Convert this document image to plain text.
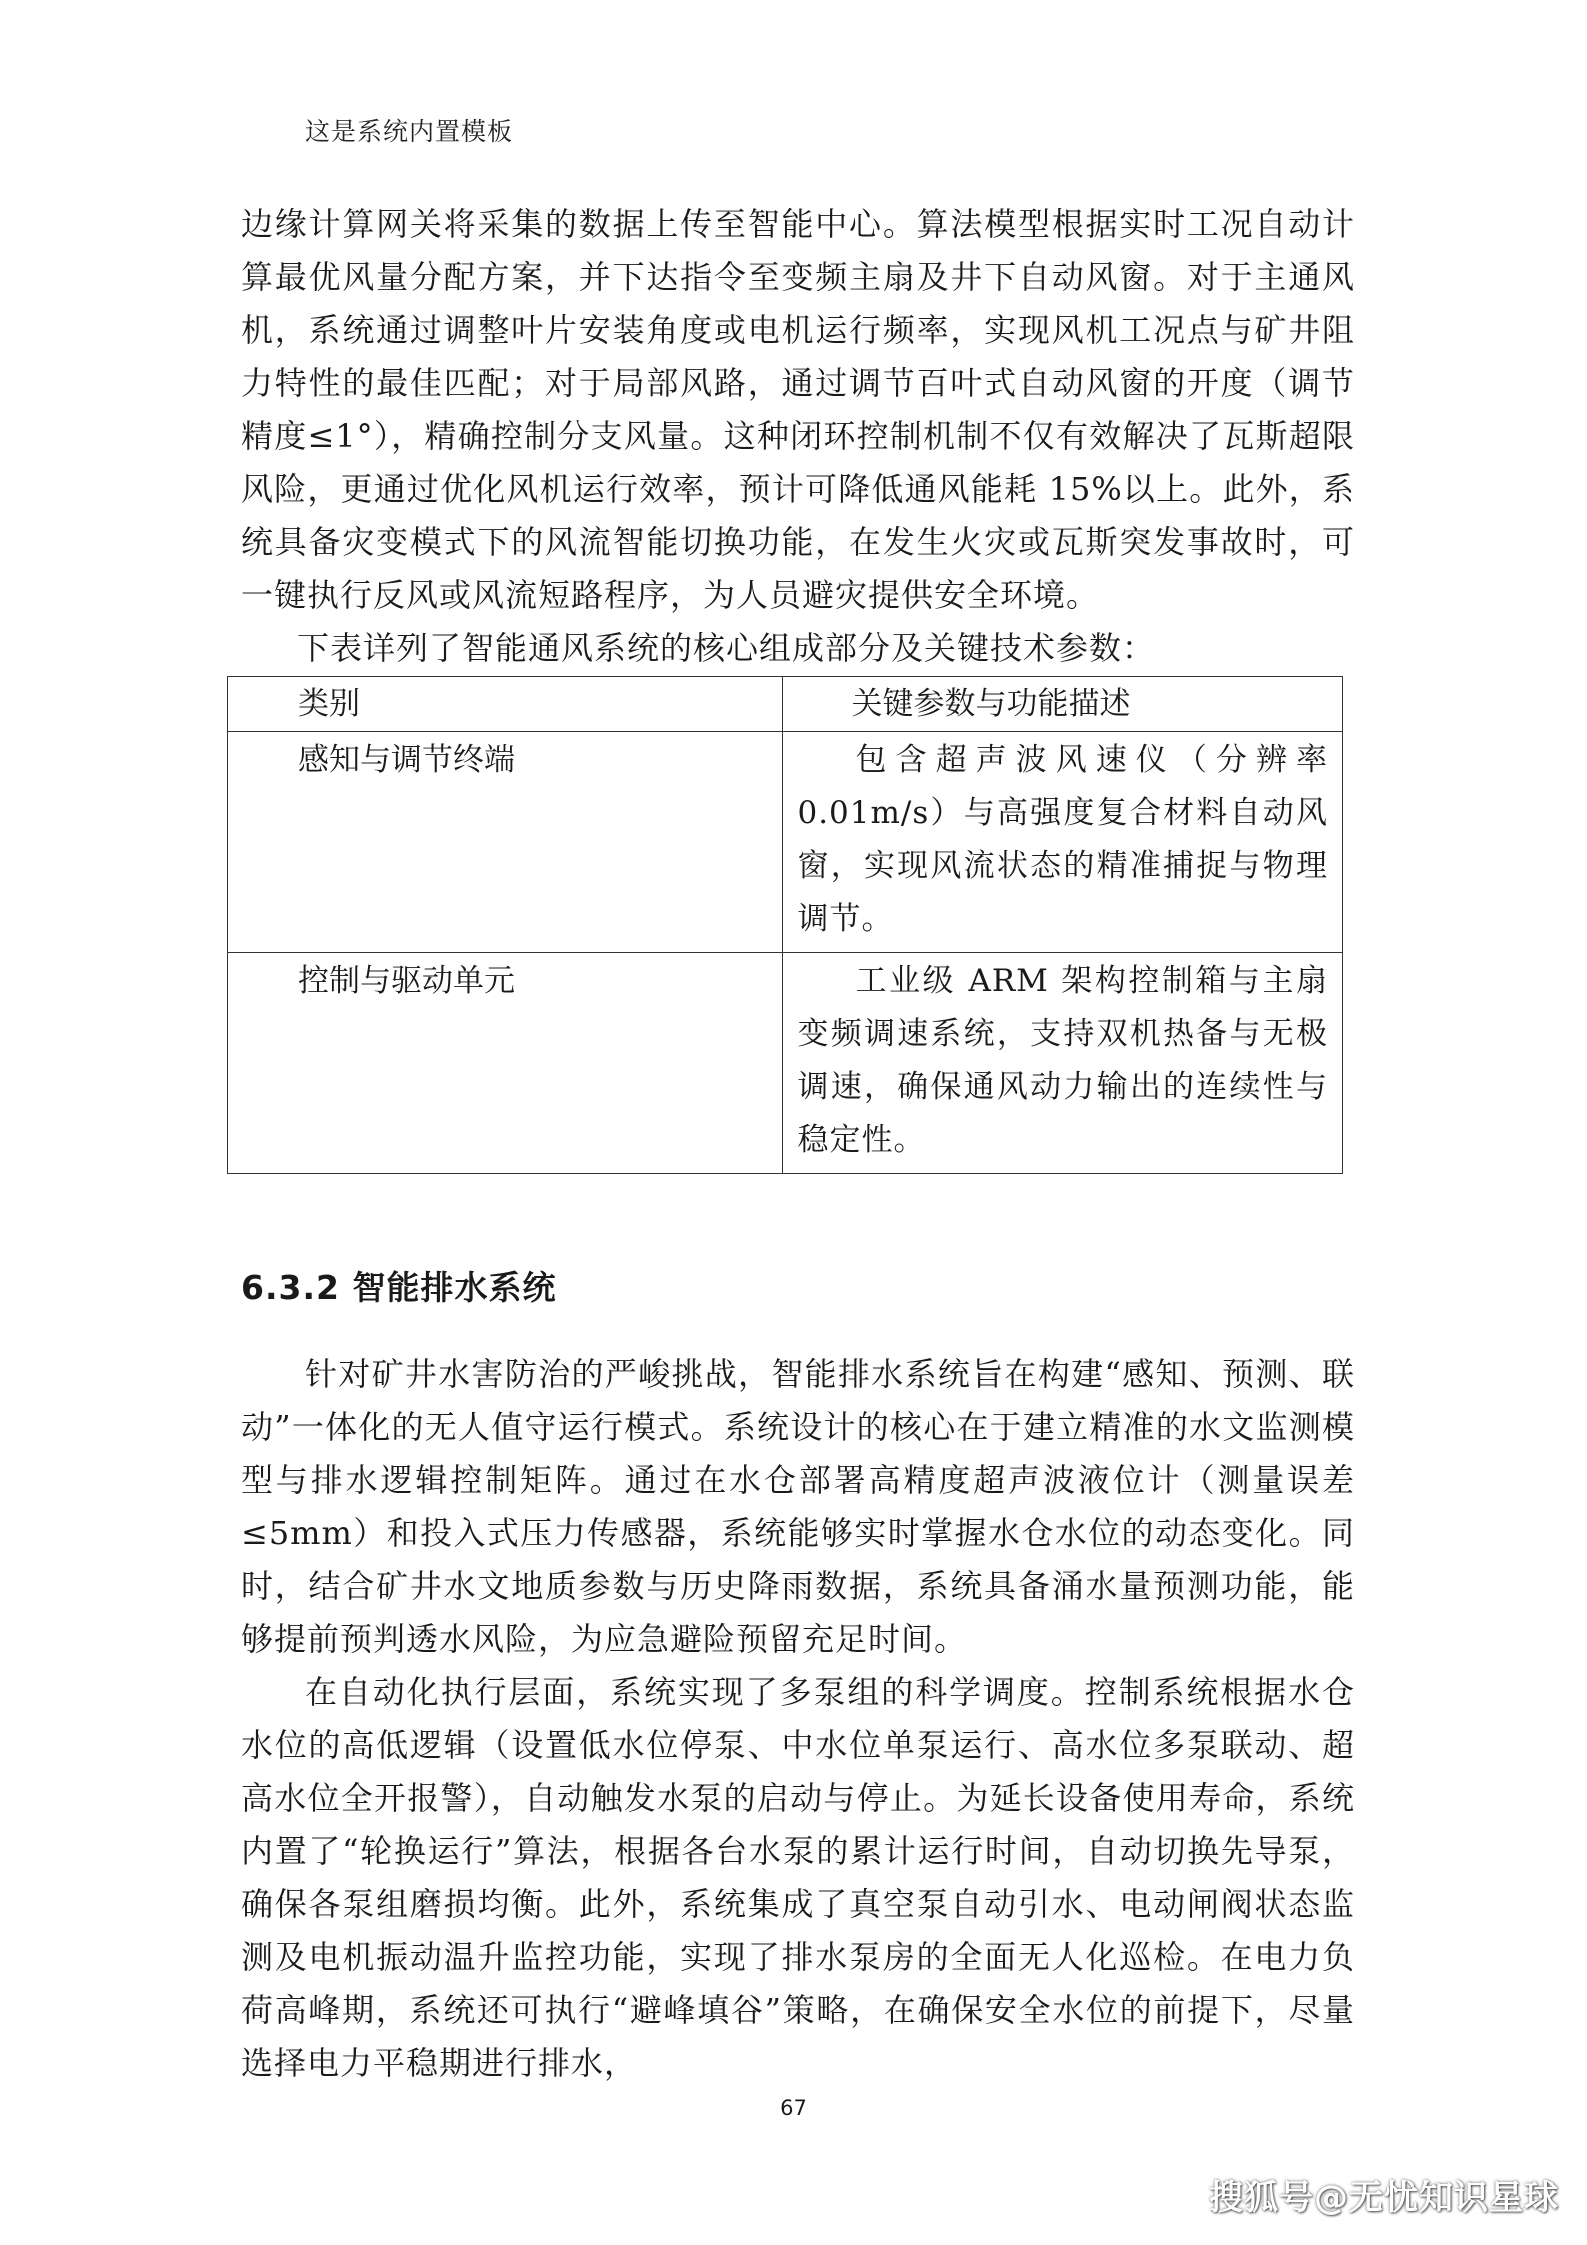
这是系统内置模板

边缘计算网关将采集的数据上传至智能中心。算法模型根据实时工况自动计算最优风量分配方案，并下达指令至变频主扇及井下自动风窗。对于主通风机，系统通过调整叶片安装角度或电机运行频率，实现风机工况点与矿井阻力特性的最佳匹配；对于局部风路，通过调节百叶式自动风窗的开度（调节精度≤1°），精确控制分支风量。这种闭环控制机制不仅有效解决了瓦斯超限风险，更通过优化风机运行效率，预计可降低通风能耗 15%以上。此外，系统具备灾变模式下的风流智能切换功能，在发生火灾或瓦斯突发事故时，可一键执行反风或风流短路程序，为人员避灾提供安全环境。

下表详列了智能通风系统的核心组成部分及关键技术参数：
类别	关键参数与功能描述
感知与调节终端	包含超声波风速仪（分辨率0.01m/s）与高强度复合材料自动风窗，实现风流状态的精准捕捉与物理调节。
控制与驱动单元	工业级 ARM 架构控制箱与主扇变频调速系统，支持双机热备与无极调速，确保通风动力输出的连续性与稳定性。
6.3.2 智能排水系统

针对矿井水害防治的严峻挑战，智能排水系统旨在构建“感知、预测、联动”一体化的无人值守运行模式。系统设计的核心在于建立精准的水文监测模型与排水逻辑控制矩阵。通过在水仓部署高精度超声波液位计（测量误差≤5mm）和投入式压力传感器，系统能够实时掌握水仓水位的动态变化。同时，结合矿井水文地质参数与历史降雨数据，系统具备涌水量预测功能，能够提前预判透水风险，为应急避险预留充足时间。

在自动化执行层面，系统实现了多泵组的科学调度。控制系统根据水仓水位的高低逻辑（设置低水位停泵、中水位单泵运行、高水位多泵联动、超高水位全开报警），自动触发水泵的启动与停止。为延长设备使用寿命，系统内置了“轮换运行”算法，根据各台水泵的累计运行时间，自动切换先导泵，确保各泵组磨损均衡。此外，系统集成了真空泵自动引水、电动闸阀状态监测及电机振动温升监控功能，实现了排水泵房的全面无人化巡检。在电力负荷高峰期，系统还可执行“避峰填谷”策略，在确保安全水位的前提下，尽量选择电力平稳期进行排水，

67
搜狐号@无忧知识星球
